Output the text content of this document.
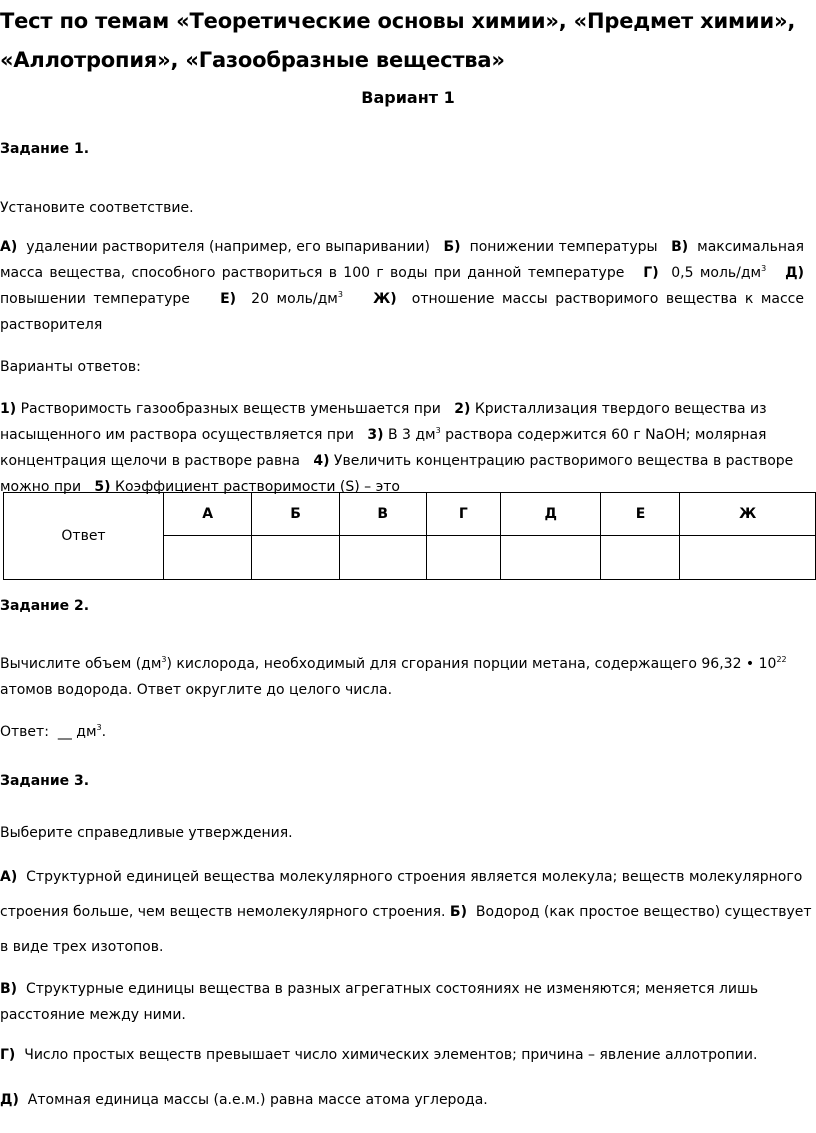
Тест по темам «Теоретические основы химии», «Предмет химии», «Аллотропия», «Газообразные вещества»
Вариант 1
Задание 1.
Установите соответствие.
А) удалении растворителя (например, его выпаривании) Б) понижении температуры В) максимальная масса вещества, способного раствориться в 100 г воды при данной температуре Г) 0,5 моль/$дм^3$ Д) повышении температуре Е) 20 моль/$дм^3$ Ж) отношение массы растворимого вещества к массе растворителя
Варианты ответов:
1) Растворимость газообразных веществ уменьшается при 2) Кристаллизация твердого вещества из насыщенного им раствора осуществляется при 3) В 3 $дм^3$ раствора содержится 60 г NaOH; молярная концентрация щелочи в растворе равна 4) Увеличить концентрацию растворимого вещества в растворе можно при 5) Коэффициент растворимости (S) – это
Ответ	А	Б	В	Г	Д	Е	Ж

Задание 2.
Вычислите объем $(дм^3)$ кислорода, необходимый для сгорания порции метана, содержащего 96,32 • $10^{22}$ атомов водорода. Ответ округлите до целого числа.
Ответ: __ $дм^3$.
Задание 3.
Выберите справедливые утверждения.
А) Структурной единицей вещества молекулярного строения является молекула; веществ молекулярного строения больше, чем веществ немолекулярного строения. Б) Водород (как простое вещество) существует в виде трех изотопов.
В) Структурные единицы вещества в разных агрегатных состояниях не изменяются; меняется лишь расстояние между ними.
Г) Число простых веществ превышает число химических элементов; причина – явление аллотропии.
Д) Атомная единица массы (а.е.м.) равна массе атома углерода.
